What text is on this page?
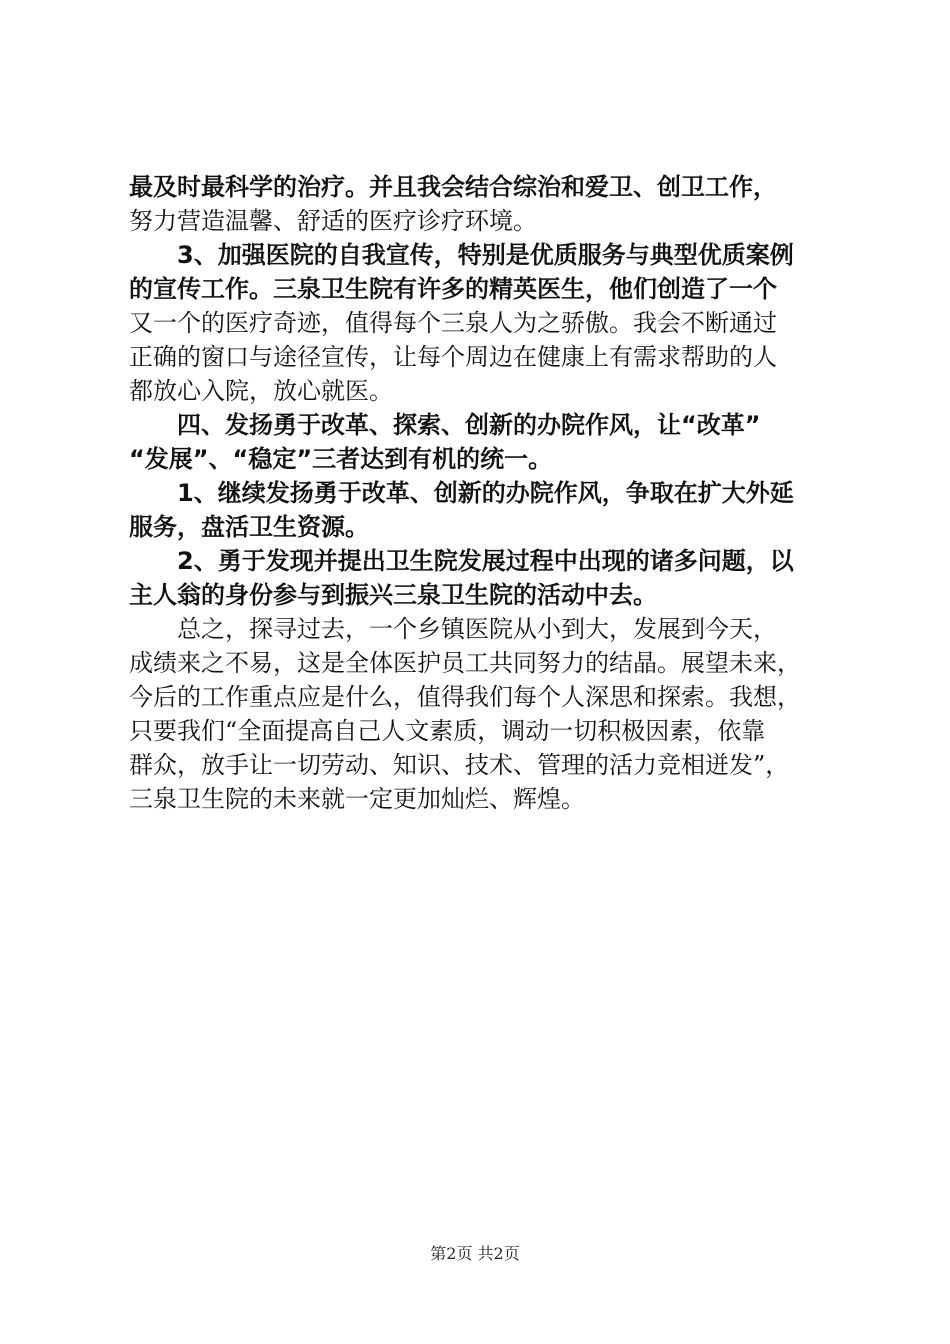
最及时最科学的治疗。并且我会结合综治和爱卫、创卫工作，
努力营造温馨、舒适的医疗诊疗环境。
3、加强医院的自我宣传，特别是优质服务与典型优质案例
的宣传工作。三泉卫生院有许多的精英医生，他们创造了一个
又一个的医疗奇迹，值得每个三泉人为之骄傲。我会不断通过
正确的窗口与途径宣传，让每个周边在健康上有需求帮助的人
都放心入院，放心就医。
四、发扬勇于改革、探索、创新的办院作风，让“改革”
“发展”、“稳定”三者达到有机的统一。
1、继续发扬勇于改革、创新的办院作风，争取在扩大外延
服务，盘活卫生资源。
2、勇于发现并提出卫生院发展过程中出现的诸多问题，以
主人翁的身份参与到振兴三泉卫生院的活动中去。
总之，探寻过去，一个乡镇医院从小到大，发展到今天，
成绩来之不易，这是全体医护员工共同努力的结晶。展望未来，
今后的工作重点应是什么，值得我们每个人深思和探索。我想，
只要我们“全面提高自己人文素质，调动一切积极因素，依靠
群众，放手让一切劳动、知识、技术、管理的活力竞相迸发”，
三泉卫生院的未来就一定更加灿烂、辉煌。
第2页 共2页
